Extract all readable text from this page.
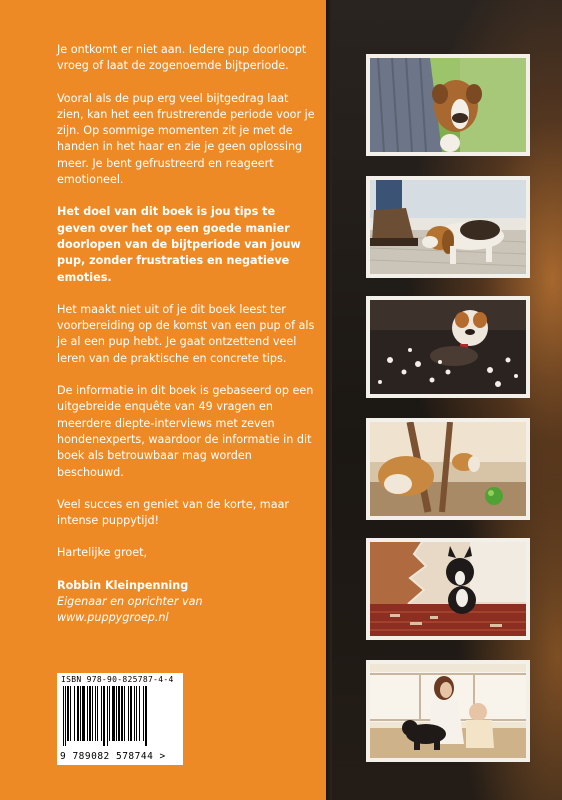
Je ontkomt er niet aan. Iedere pup doorloopt vroeg of laat de zogenoemde bijtperiode.

Vooral als de pup erg veel bijtgedrag laat zien, kan het een frustrerende periode voor je zijn. Op sommige momenten zit je met de handen in het haar en zie je geen oplossing meer. Je bent gefrustreerd en reageert emotioneel.

Het doel van dit boek is jou tips te geven over het op een goede manier doorlopen van de bijtperiode van jouw pup, zonder frustraties en negatieve emoties.

Het maakt niet uit of je dit boek leest ter voorbereiding op de komst van een pup of als je al een pup hebt. Je gaat ontzettend veel leren van de praktische en concrete tips.

De informatie in dit boek is gebaseerd op een uitgebreide enquête van 49 vragen en meerdere diepte-interviews met zeven hondenexperts, waardoor de informatie in dit boek als betrouwbaar mag worden beschouwd.

Veel succes en geniet van de korte, maar intense puppytijd!

Hartelijke groet,

Robbin Kleinpenning
Eigenaar en oprichter van
www.puppygroep.nl

ISBN 978-90-825787-4-4
9 789082 578744 >
